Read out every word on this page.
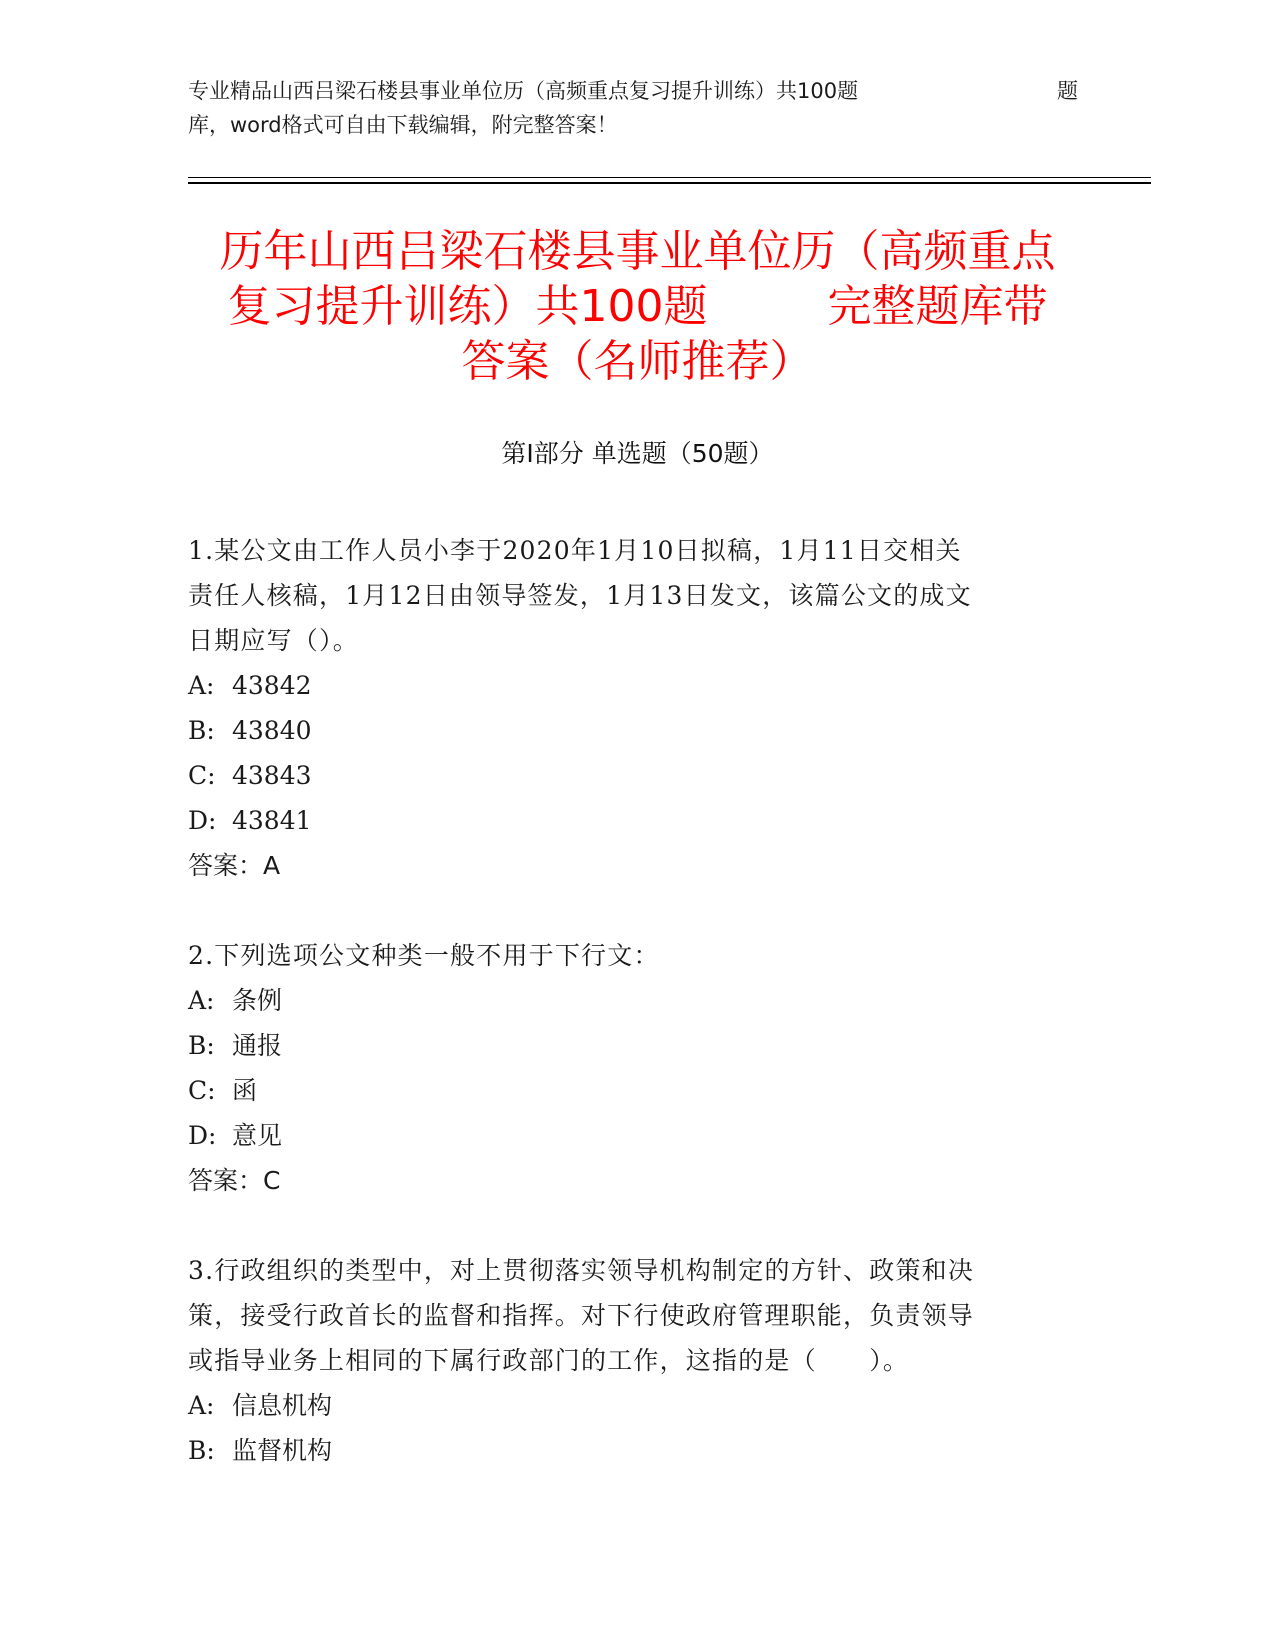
专业精品山西吕梁石楼县事业单位历（高频重点复习提升训练）共100题	题
库，word格式可自由下载编辑，附完整答案！
历年山西吕梁石楼县事业单位历（高频重点
复习提升训练）共100题	完整题库带
答案（名师推荐）
第Ⅰ部分 单选题（50题）
1.某公文由工作人员小李于2020年1月10日拟稿，1月11日交相关
责任人核稿，1月12日由领导签发，1月13日发文，该篇公文的成文
日期应写（）。
A: 43842
B: 43840
C: 43843
D: 43841
答案：A
2.下列选项公文种类一般不用于下行文：
A: 条例
B: 通报
C: 函
D: 意见
答案：C
3.行政组织的类型中，对上贯彻落实领导机构制定的方针、政策和决
策，接受行政首长的监督和指挥。对下行使政府管理职能，负责领导
或指导业务上相同的下属行政部门的工作，这指的是（　　）。
A: 信息机构
B: 监督机构
